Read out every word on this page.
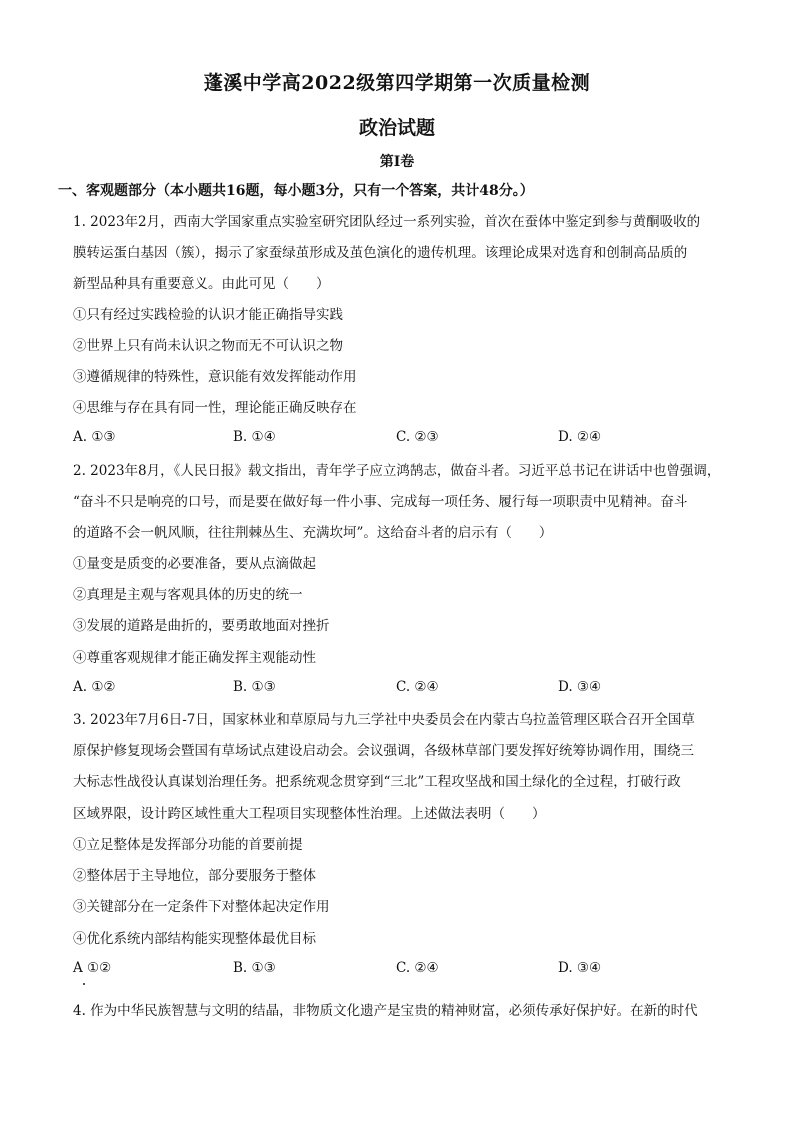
蓬溪中学高2022级第四学期第一次质量检测
政治试题
第Ⅰ卷
一、客观题部分（本小题共16题，每小题3分，只有一个答案，共计48分。）
1. 2023年2月，西南大学国家重点实验室研究团队经过一系列实验，首次在蚕体中鉴定到参与黄酮吸收的
膜转运蛋白基因（簇），揭示了家蚕绿茧形成及茧色演化的遗传机理。该理论成果对选育和创制高品质的
新型品种具有重要意义。由此可见（　　）
①只有经过实践检验的认识才能正确指导实践
②世界上只有尚未认识之物而无不可认识之物
③遵循规律的特殊性，意识能有效发挥能动作用
④思维与存在具有同一性，理论能正确反映存在
A. ①③	B. ①④	C. ②③	D. ②④
2. 2023年8月，《人民日报》载文指出，青年学子应立鸿鹄志，做奋斗者。习近平总书记在讲话中也曾强调，
“奋斗不只是响亮的口号，而是要在做好每一件小事、完成每一项任务、履行每一项职责中见精神。奋斗
的道路不会一帆风顺，往往荆棘丛生、充满坎坷”。这给奋斗者的启示有（　　）
①量变是质变的必要准备，要从点滴做起
②真理是主观与客观具体的历史的统一
③发展的道路是曲折的，要勇敢地面对挫折
④尊重客观规律才能正确发挥主观能动性
A. ①②	B. ①③	C. ②④	D. ③④
3. 2023年7月6日-7日，国家林业和草原局与九三学社中央委员会在内蒙古乌拉盖管理区联合召开全国草
原保护修复现场会暨国有草场试点建设启动会。会议强调，各级林草部门要发挥好统筹协调作用，围绕三
大标志性战役认真谋划治理任务。把系统观念贯穿到“三北”工程攻坚战和国土绿化的全过程，打破行政
区域界限，设计跨区域性重大工程项目实现整体性治理。上述做法表明（　　）
①立足整体是发挥部分功能的首要前提
②整体居于主导地位，部分要服务于整体
③关键部分在一定条件下对整体起决定作用
④优化系统内部结构能实现整体最优目标
A ①②	B. ①③	C. ②④	D. ③④
4. 作为中华民族智慧与文明的结晶，非物质文化遗产是宝贵的精神财富，必须传承好保护好。在新的时代
